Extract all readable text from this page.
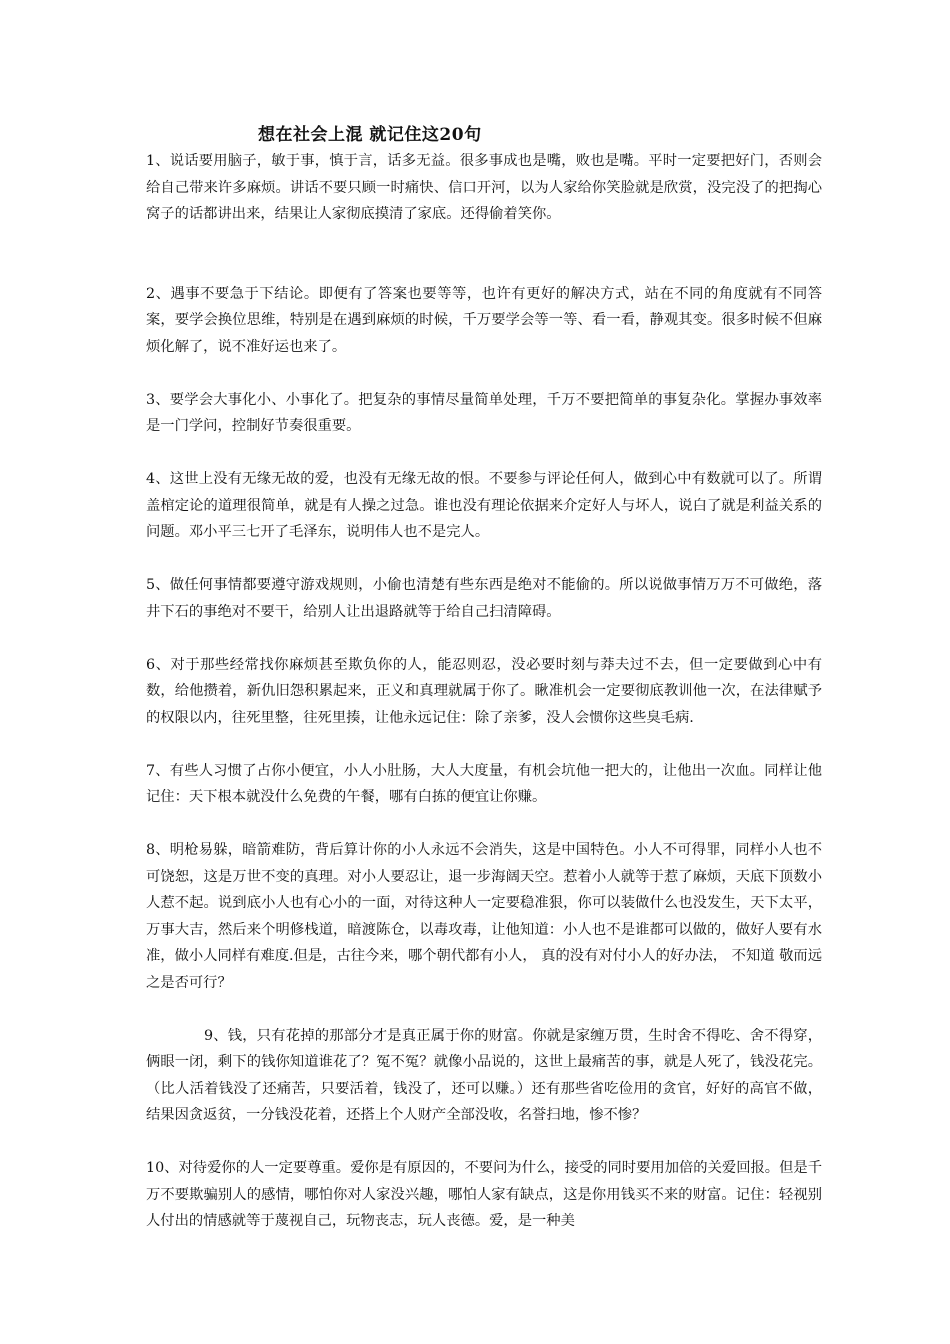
想在社会上混 就记住这20句

1、说话要用脑子，敏于事，慎于言，话多无益。很多事成也是嘴，败也是嘴。平时一定要把好门，否则会给自己带来许多麻烦。讲话不要只顾一时痛快、信口开河，以为人家给你笑脸就是欣赏，没完没了的把掏心窝子的话都讲出来，结果让人家彻底摸清了家底。还得偷着笑你。

2、遇事不要急于下结论。即便有了答案也要等等，也许有更好的解决方式，站在不同的角度就有不同答案，要学会换位思维，特别是在遇到麻烦的时候，千万要学会等一等、看一看，静观其变。很多时候不但麻烦化解了，说不准好运也来了。

3、要学会大事化小、小事化了。把复杂的事情尽量简单处理，千万不要把简单的事复杂化。掌握办事效率是一门学问，控制好节奏很重要。

4、这世上没有无缘无故的爱，也没有无缘无故的恨。不要参与评论任何人，做到心中有数就可以了。所谓盖棺定论的道理很简单，就是有人操之过急。谁也没有理论依据来介定好人与坏人，说白了就是利益关系的问题。邓小平三七开了毛泽东，说明伟人也不是完人。

5、做任何事情都要遵守游戏规则，小偷也清楚有些东西是绝对不能偷的。所以说做事情万万不可做绝，落井下石的事绝对不要干，给别人让出退路就等于给自己扫清障碍。

6、对于那些经常找你麻烦甚至欺负你的人，能忍则忍，没必要时刻与莽夫过不去，但一定要做到心中有数，给他攒着，新仇旧怨积累起来，正义和真理就属于你了。瞅准机会一定要彻底教训他一次，在法律赋予的权限以内，往死里整，往死里揍，让他永远记住：除了亲爹，没人会惯你这些臭毛病.

7、有些人习惯了占你小便宜，小人小肚肠，大人大度量，有机会坑他一把大的，让他出一次血。同样让他记住：天下根本就没什么免费的午餐，哪有白拣的便宜让你赚。

8、明枪易躲，暗箭难防，背后算计你的小人永远不会消失，这是中国特色。小人不可得罪，同样小人也不可饶恕，这是万世不变的真理。对小人要忍让，退一步海阔天空。惹着小人就等于惹了麻烦，天底下顶数小人惹不起。说到底小人也有心小的一面，对待这种人一定要稳准狠，你可以装做什么也没发生，天下太平，万事大吉，然后来个明修栈道，暗渡陈仓，以毒攻毒，让他知道：小人也不是谁都可以做的，做好人要有水准，做小人同样有难度.但是，古往今来，哪个朝代都有小人， 真的没有对付小人的好办法， 不知道 敬而远之是否可行？

9、钱，只有花掉的那部分才是真正属于你的财富。你就是家缠万贯，生时舍不得吃、舍不得穿，俩眼一闭，剩下的钱你知道谁花了？冤不冤？就像小品说的，这世上最痛苦的事，就是人死了，钱没花完。（比人活着钱没了还痛苦，只要活着，钱没了，还可以赚。）还有那些省吃俭用的贪官，好好的高官不做，结果因贪返贫，一分钱没花着，还搭上个人财产全部没收，名誉扫地，惨不惨？

10、对待爱你的人一定要尊重。爱你是有原因的，不要问为什么，接受的同时要用加倍的关爱回报。但是千万不要欺骗别人的感情，哪怕你对人家没兴趣，哪怕人家有缺点，这是你用钱买不来的财富。记住：轻视别人付出的情感就等于蔑视自己，玩物丧志，玩人丧德。爱，是一种美
